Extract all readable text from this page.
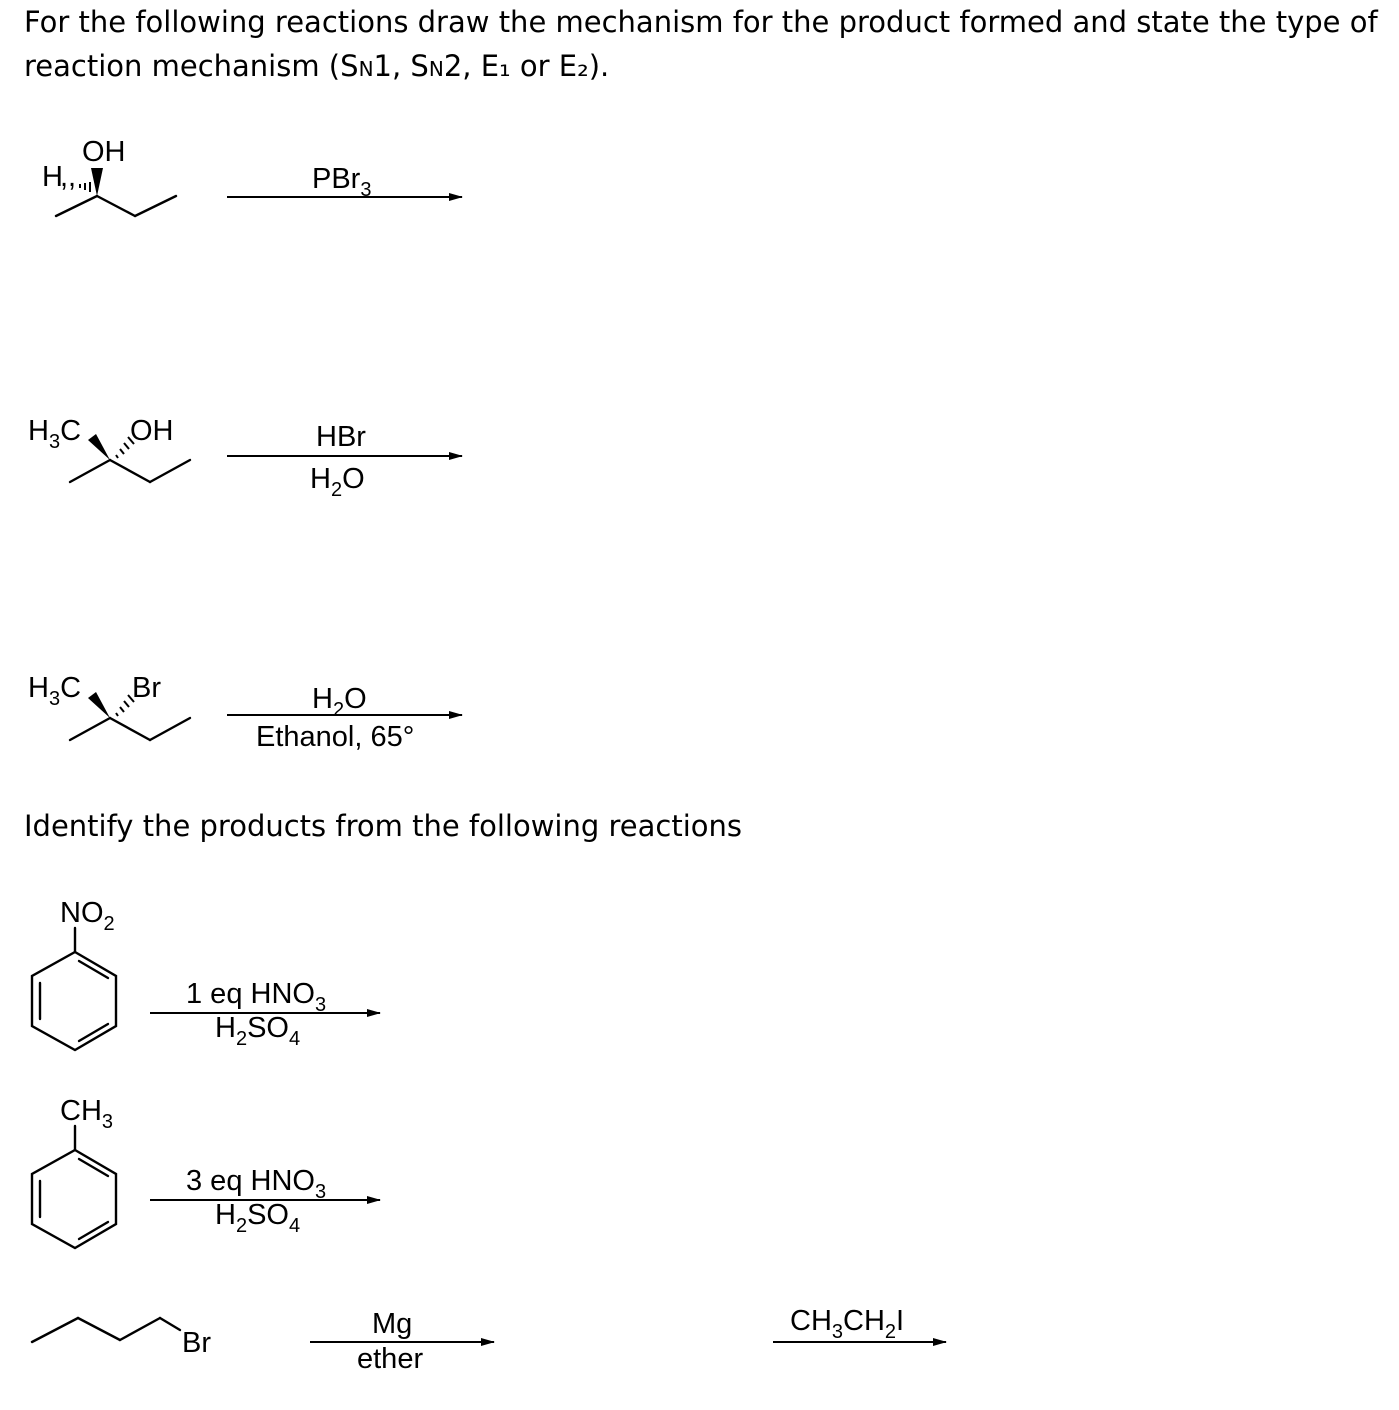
For the following reactions draw the mechanism for the product formed and state the type of reaction mechanism (SN1, SN2, E₁ or E₂).

Identify the products from the following reactions

OH
H
,,	PBr$_3$
$H_3C$ OH	HBr
$H_2O$
$H_3C$ Br	$H_2O$
Ethanol, 65°
$NO_2$
1 eq $HNO_3$
$H_2SO_4$
$CH_3$
3 eq $HNO_3$
$H_2SO_4$
Br
Mg
ether
$CH_3CH_2I$
